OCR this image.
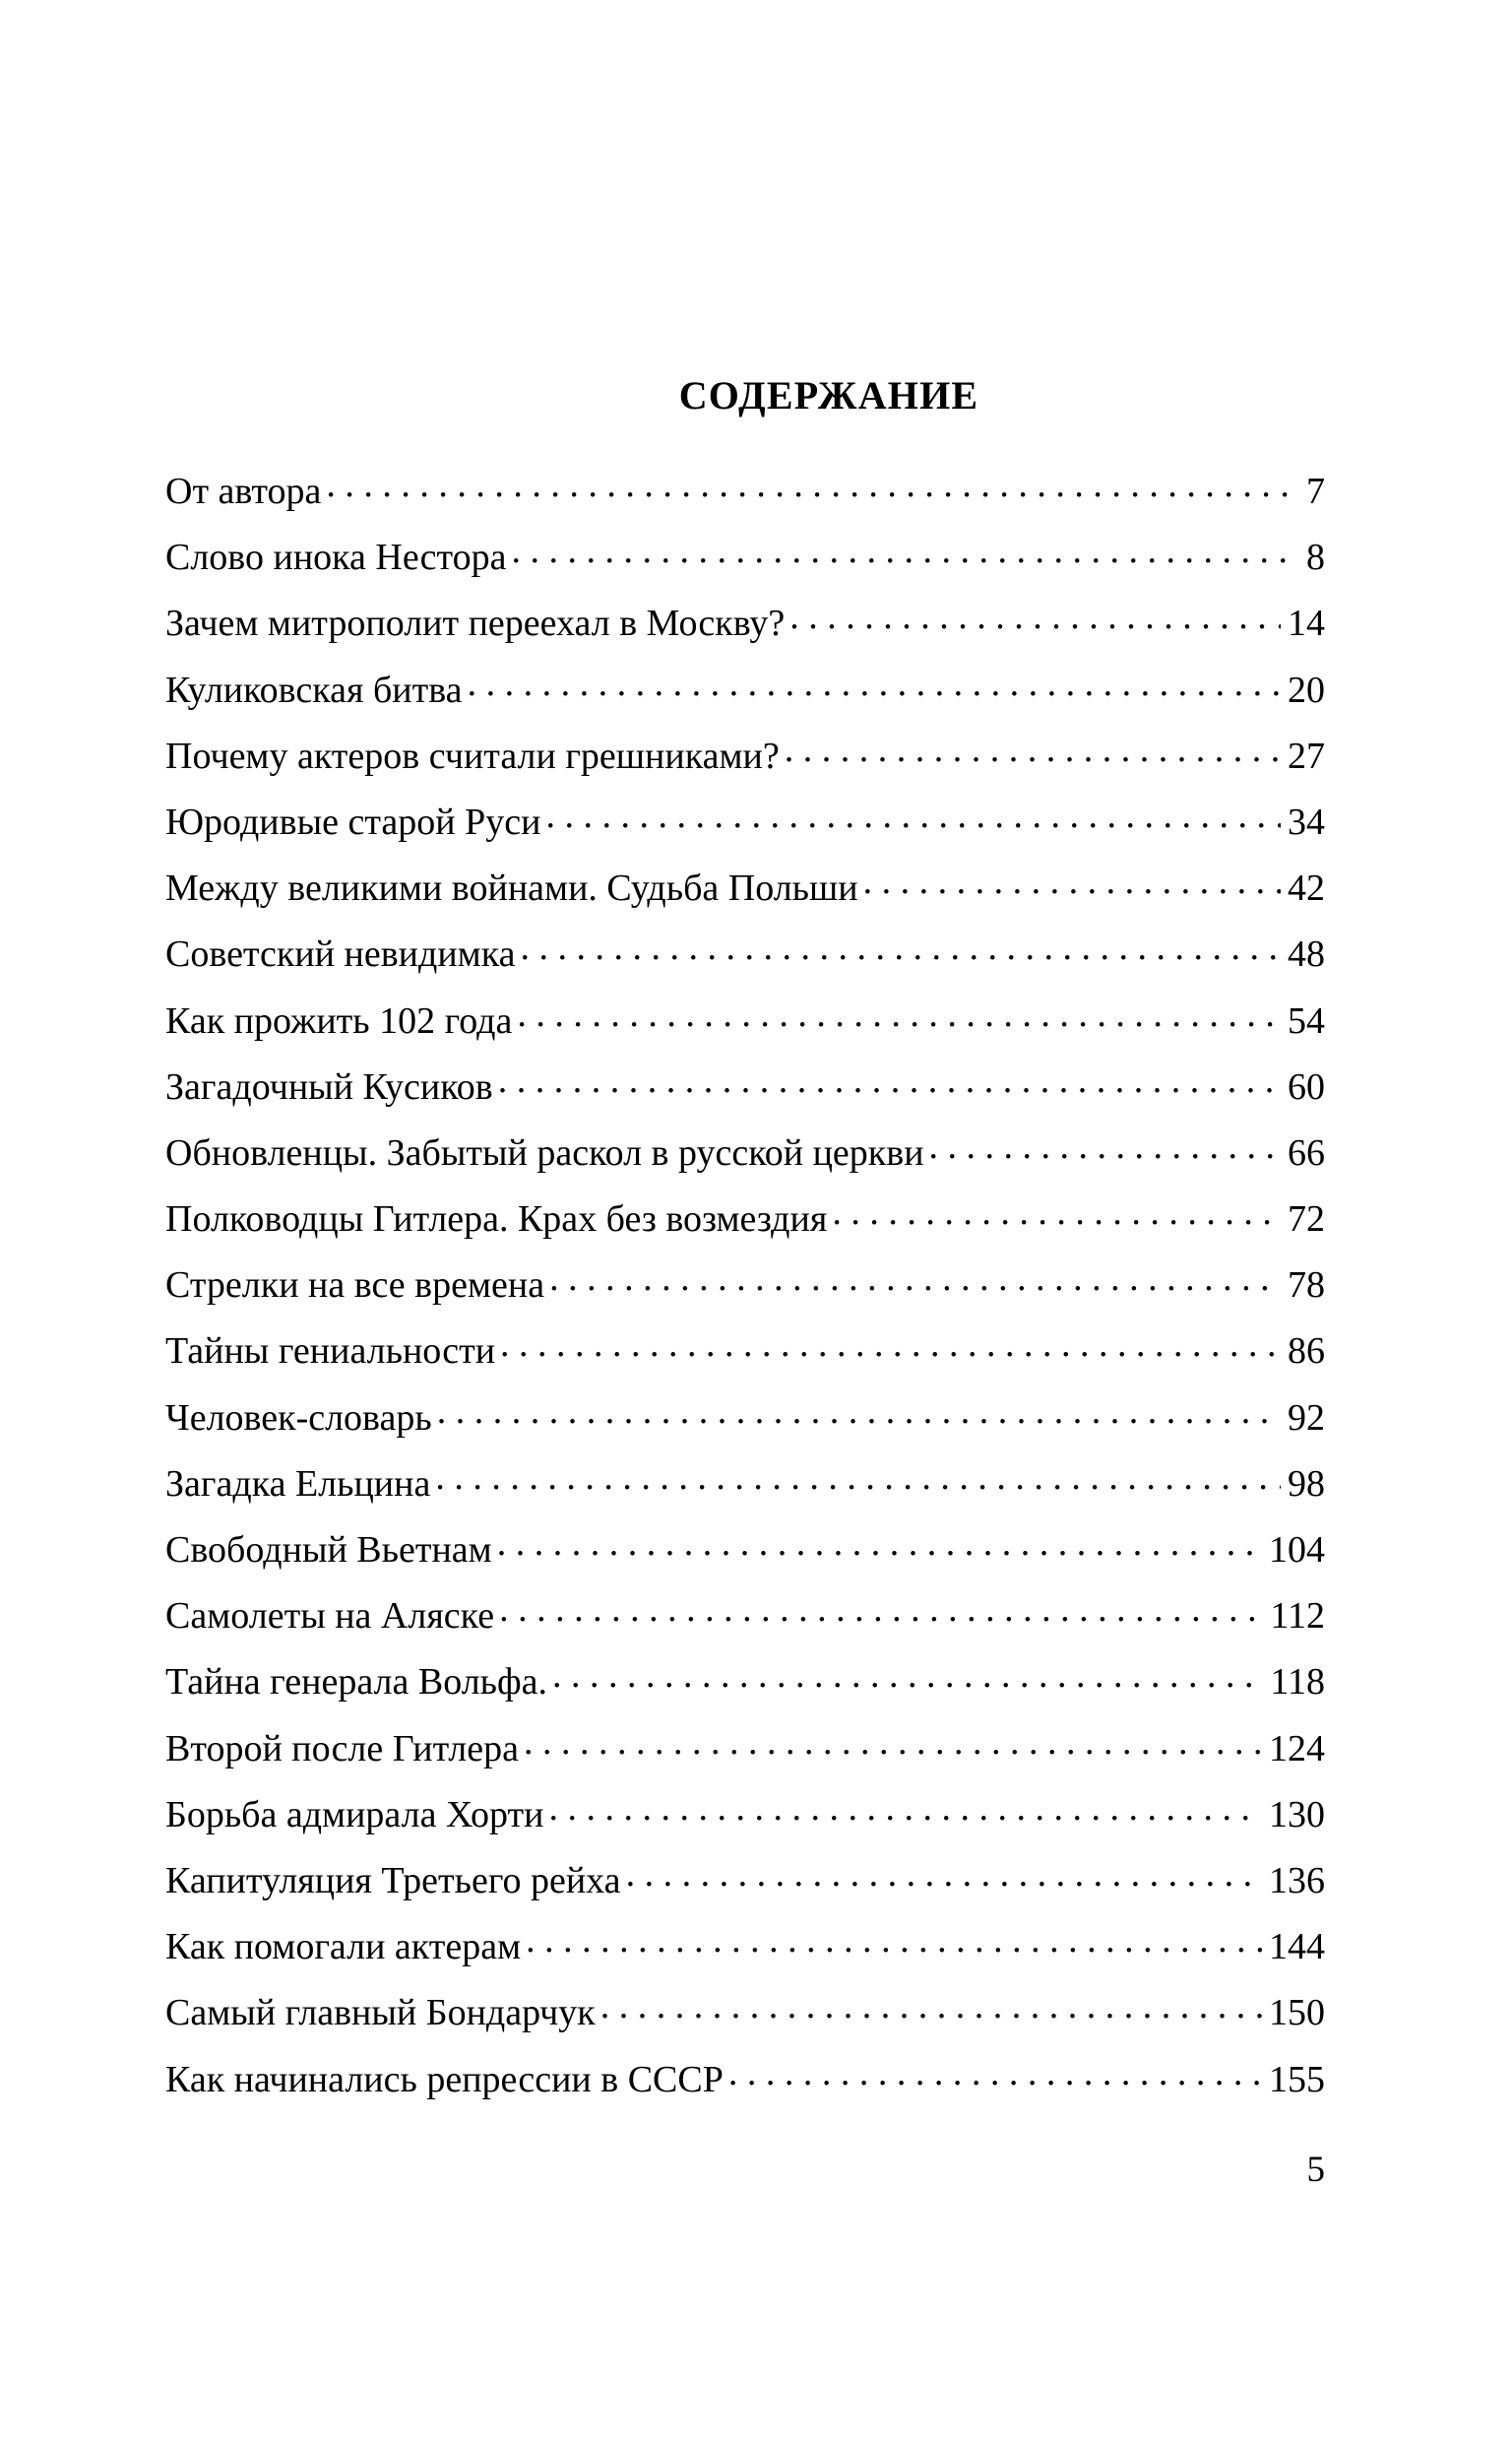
СОДЕРЖАНИЕ
От автора . . .	7
Слово инока Нестора . . .	8
Зачем митрополит переехал в Москву? . . .	14
Куликовская битва . . .	20
Почему актеров считали грешниками? . . .	27
Юродивые старой Руси . . .	34
Между великими войнами. Судьба Польши . . .	42
Советский невидимка . . .	48
Как прожить 102 года . . .	54
Загадочный Кусиков . . .	60
Обновленцы. Забытый раскол в русской церкви . . .	66
Полководцы Гитлера. Крах без возмездия . . .	72
Стрелки на все времена . . .	78
Тайны гениальности . . .	86
Человек-словарь . . .	92
Загадка Ельцина . . .	98
Свободный Вьетнам . . .	104
Самолеты на Аляске . . .	112
Тайна генерала Вольфа. . . .	118
Второй после Гитлера . . .	124
Борьба адмирала Хорти . . .	130
Капитуляция Третьего рейха . . .	136
Как помогали актерам . . .	144
Самый главный Бондарчук . . .	150
Как начинались репрессии в СССР . . .	155
5
